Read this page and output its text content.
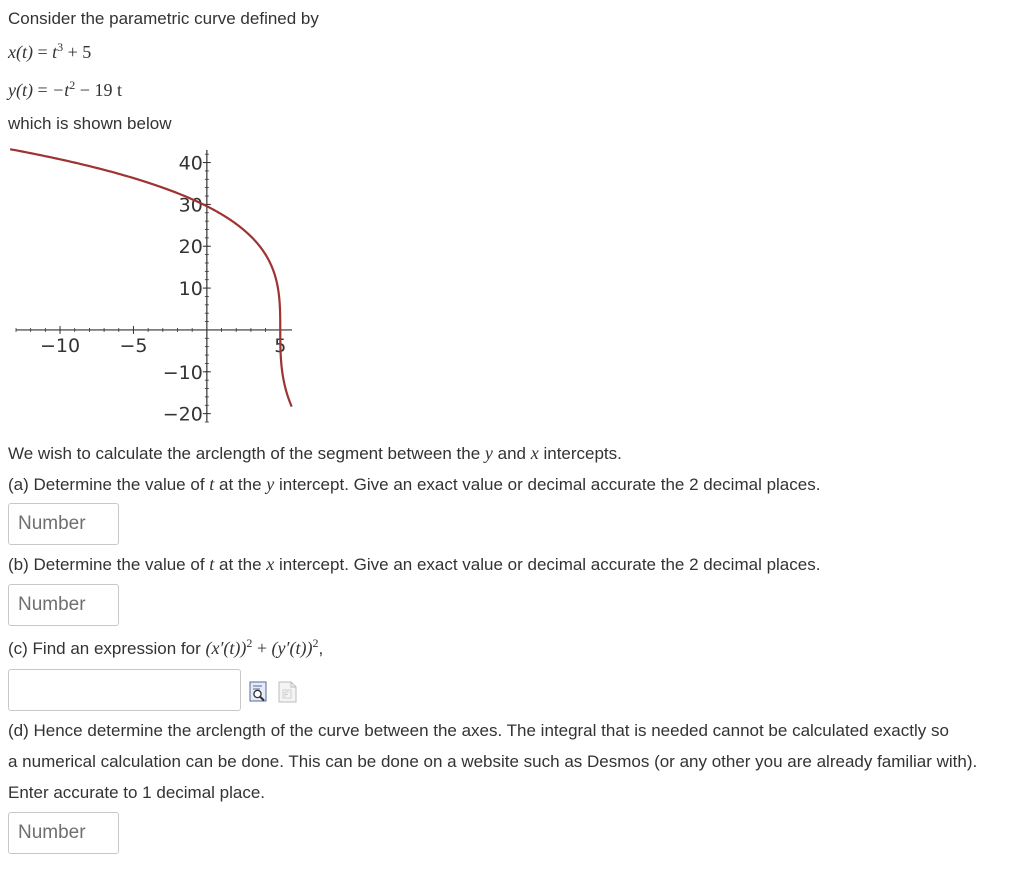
Consider the parametric curve defined by
$x(t) = t^3 + 5$
$y(t) = -t^2 - 19$ t
which is shown below
−10 −5	5
40
30
20
10
−10
−20
We wish to calculate the arclength of the segment between the y and x intercepts.
(a) Determine the value of t at the y intercept. Give an exact value or decimal accurate the 2 decimal places.
Number
(b) Determine the value of t at the x intercept. Give an exact value or decimal accurate the 2 decimal places.
Number
(c) Find an expression for $(x'(t))^2 + (y'(t))^2$,
(d) Hence determine the arclength of the curve between the axes. The integral that is needed cannot be calculated exactly so
a numerical calculation can be done. This can be done on a website such as Desmos (or any other you are already familiar with).
Enter accurate to 1 decimal place.
Number
